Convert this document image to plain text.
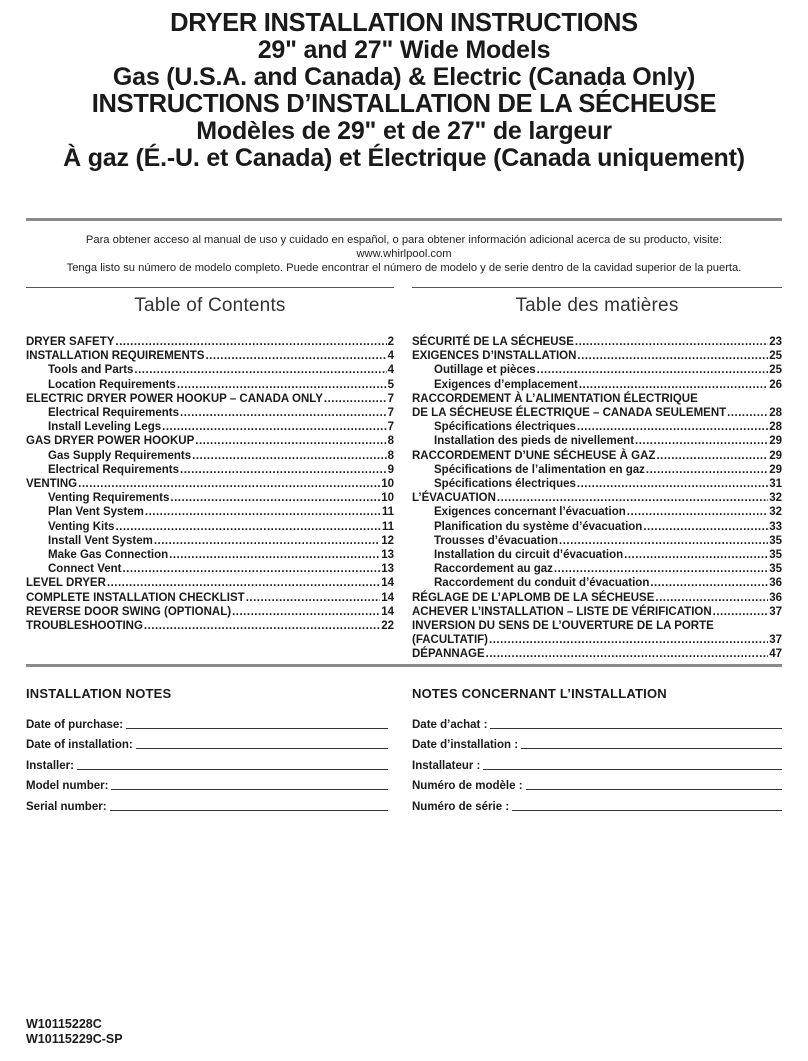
DRYER INSTALLATION INSTRUCTIONS
29" and 27" Wide Models
Gas (U.S.A. and Canada) & Electric (Canada Only)
INSTRUCTIONS D’INSTALLATION DE LA SÉCHEUSE
Modèles de 29" et de 27" de largeur
À gaz (É.-U. et Canada) et Électrique (Canada uniquement)
Para obtener acceso al manual de uso y cuidado en español, o para obtener información adicional acerca de su producto, visite:
www.whirlpool.com
Tenga listo su número de modelo completo. Puede encontrar el número de modelo y de serie dentro de la cavidad superior de la puerta.
Table of Contents	Table des matières
DRYER SAFETY .....	2
INSTALLATION REQUIREMENTS .....	4
Tools and Parts .....	4
Location Requirements .....	5
ELECTRIC DRYER POWER HOOKUP – CANADA ONLY .....	7
Electrical Requirements .....	7
Install Leveling Legs .....	7
GAS DRYER POWER HOOKUP .....	8
Gas Supply Requirements .....	8
Electrical Requirements .....	9
VENTING .....	10
Venting Requirements .....	10
Plan Vent System .....	11
Venting Kits .....	11
Install Vent System .....	12
Make Gas Connection .....	13
Connect Vent .....	13
LEVEL DRYER .....	14
COMPLETE INSTALLATION CHECKLIST .....	14
REVERSE DOOR SWING (OPTIONAL) .....	14
TROUBLESHOOTING .....	22
SÉCURITÉ DE LA SÉCHEUSE .....	23
EXIGENCES D’INSTALLATION .....	25
Outillage et pièces .....	25
Exigences d’emplacement .....	26
RACCORDEMENT À L’ALIMENTATION ÉLECTRIQUE
DE LA SÉCHEUSE ÉLECTRIQUE – CANADA SEULEMENT .....	28
Spécifications électriques .....	28
Installation des pieds de nivellement .....	29
RACCORDEMENT D’UNE SÉCHEUSE À GAZ .....	29
Spécifications de l’alimentation en gaz .....	29
Spécifications électriques .....	31
L’ÉVACUATION .....	32
Exigences concernant l’évacuation .....	32
Planification du système d’évacuation .....	33
Trousses d’évacuation .....	35
Installation du circuit d’évacuation .....	35
Raccordement au gaz .....	35
Raccordement du conduit d’évacuation .....	36
RÉGLAGE DE L’APLOMB DE LA SÉCHEUSE .....	36
ACHEVER L’INSTALLATION – LISTE DE VÉRIFICATION .....	37
INVERSION DU SENS DE L’OUVERTURE DE LA PORTE
(FACULTATIF) .....	37
DÉPANNAGE .....	47
INSTALLATION NOTES
Date of purchase:
Date of installation:
Installer:
Model number:
Serial number:
NOTES CONCERNANT L’INSTALLATION
Date d’achat :
Date d’installation :
Installateur :
Numéro de modèle :
Numéro de série :
W10115228C
W10115229C-SP
